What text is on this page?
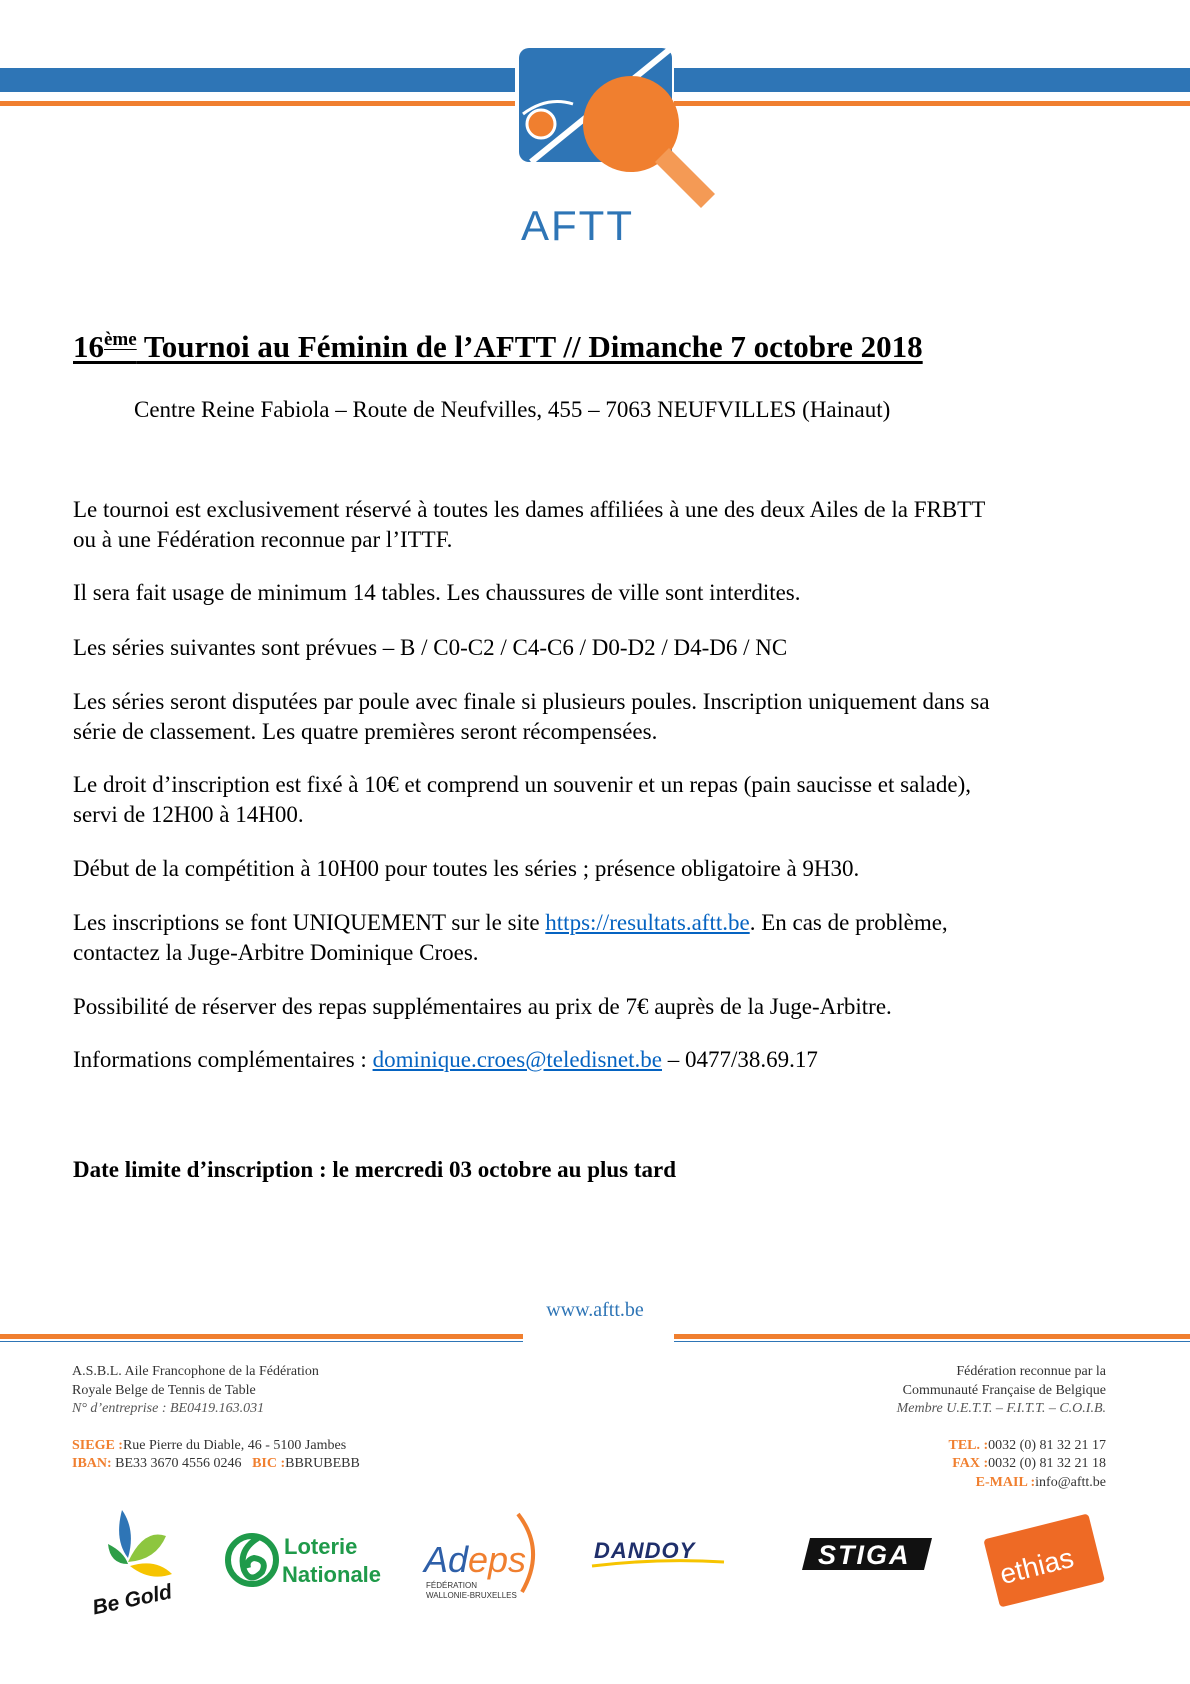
AFTT
16ème Tournoi au Féminin de l’AFTT // Dimanche 7 octobre 2018
Centre Reine Fabiola – Route de Neufvilles, 455 – 7063 NEUFVILLES (Hainaut)

Le tournoi est exclusivement réservé à toutes les dames affiliées à une des deux Ailes de la FRBTT
ou à une Fédération reconnue par l’ITTF.

Il sera fait usage de minimum 14 tables. Les chaussures de ville sont interdites.

Les séries suivantes sont prévues – B / C0-C2 / C4-C6 / D0-D2 / D4-D6 / NC

Les séries seront disputées par poule avec finale si plusieurs poules. Inscription uniquement dans sa
série de classement. Les quatre premières seront récompensées.

Le droit d’inscription est fixé à 10€ et comprend un souvenir et un repas (pain saucisse et salade),
servi de 12H00 à 14H00.

Début de la compétition à 10H00 pour toutes les séries ; présence obligatoire à 9H30.

Les inscriptions se font UNIQUEMENT sur le site https://resultats.aftt.be. En cas de problème,
contactez la Juge-Arbitre Dominique Croes.

Possibilité de réserver des repas supplémentaires au prix de 7€ auprès de la Juge-Arbitre.

Informations complémentaires : dominique.croes@teledisnet.be – 0477/38.69.17

Date limite d’inscription : le mercredi 03 octobre au plus tard
www.aftt.be
A.S.B.L. Aile Francophone de la Fédération
Royale Belge de Tennis de Table
N° d’entreprise : BE0419.163.031
SIEGE :Rue Pierre du Diable, 46 - 5100 Jambes
IBAN: BE33 3670 4556 0246 BIC :BBRUBEBB
Fédération reconnue par la
Communauté Française de Belgique
Membre U.E.T.T. – F.I.T.T. – C.O.I.B.
TEL. :0032 (0) 81 32 21 17
FAX :0032 (0) 81 32 21 18
E-MAIL :info@aftt.be
Be Gold
Loterie
Nationale Ad eps
FÉDÉRATION
WALLONIE-BRUXELLES
DANDOY	STIGA	ethias
